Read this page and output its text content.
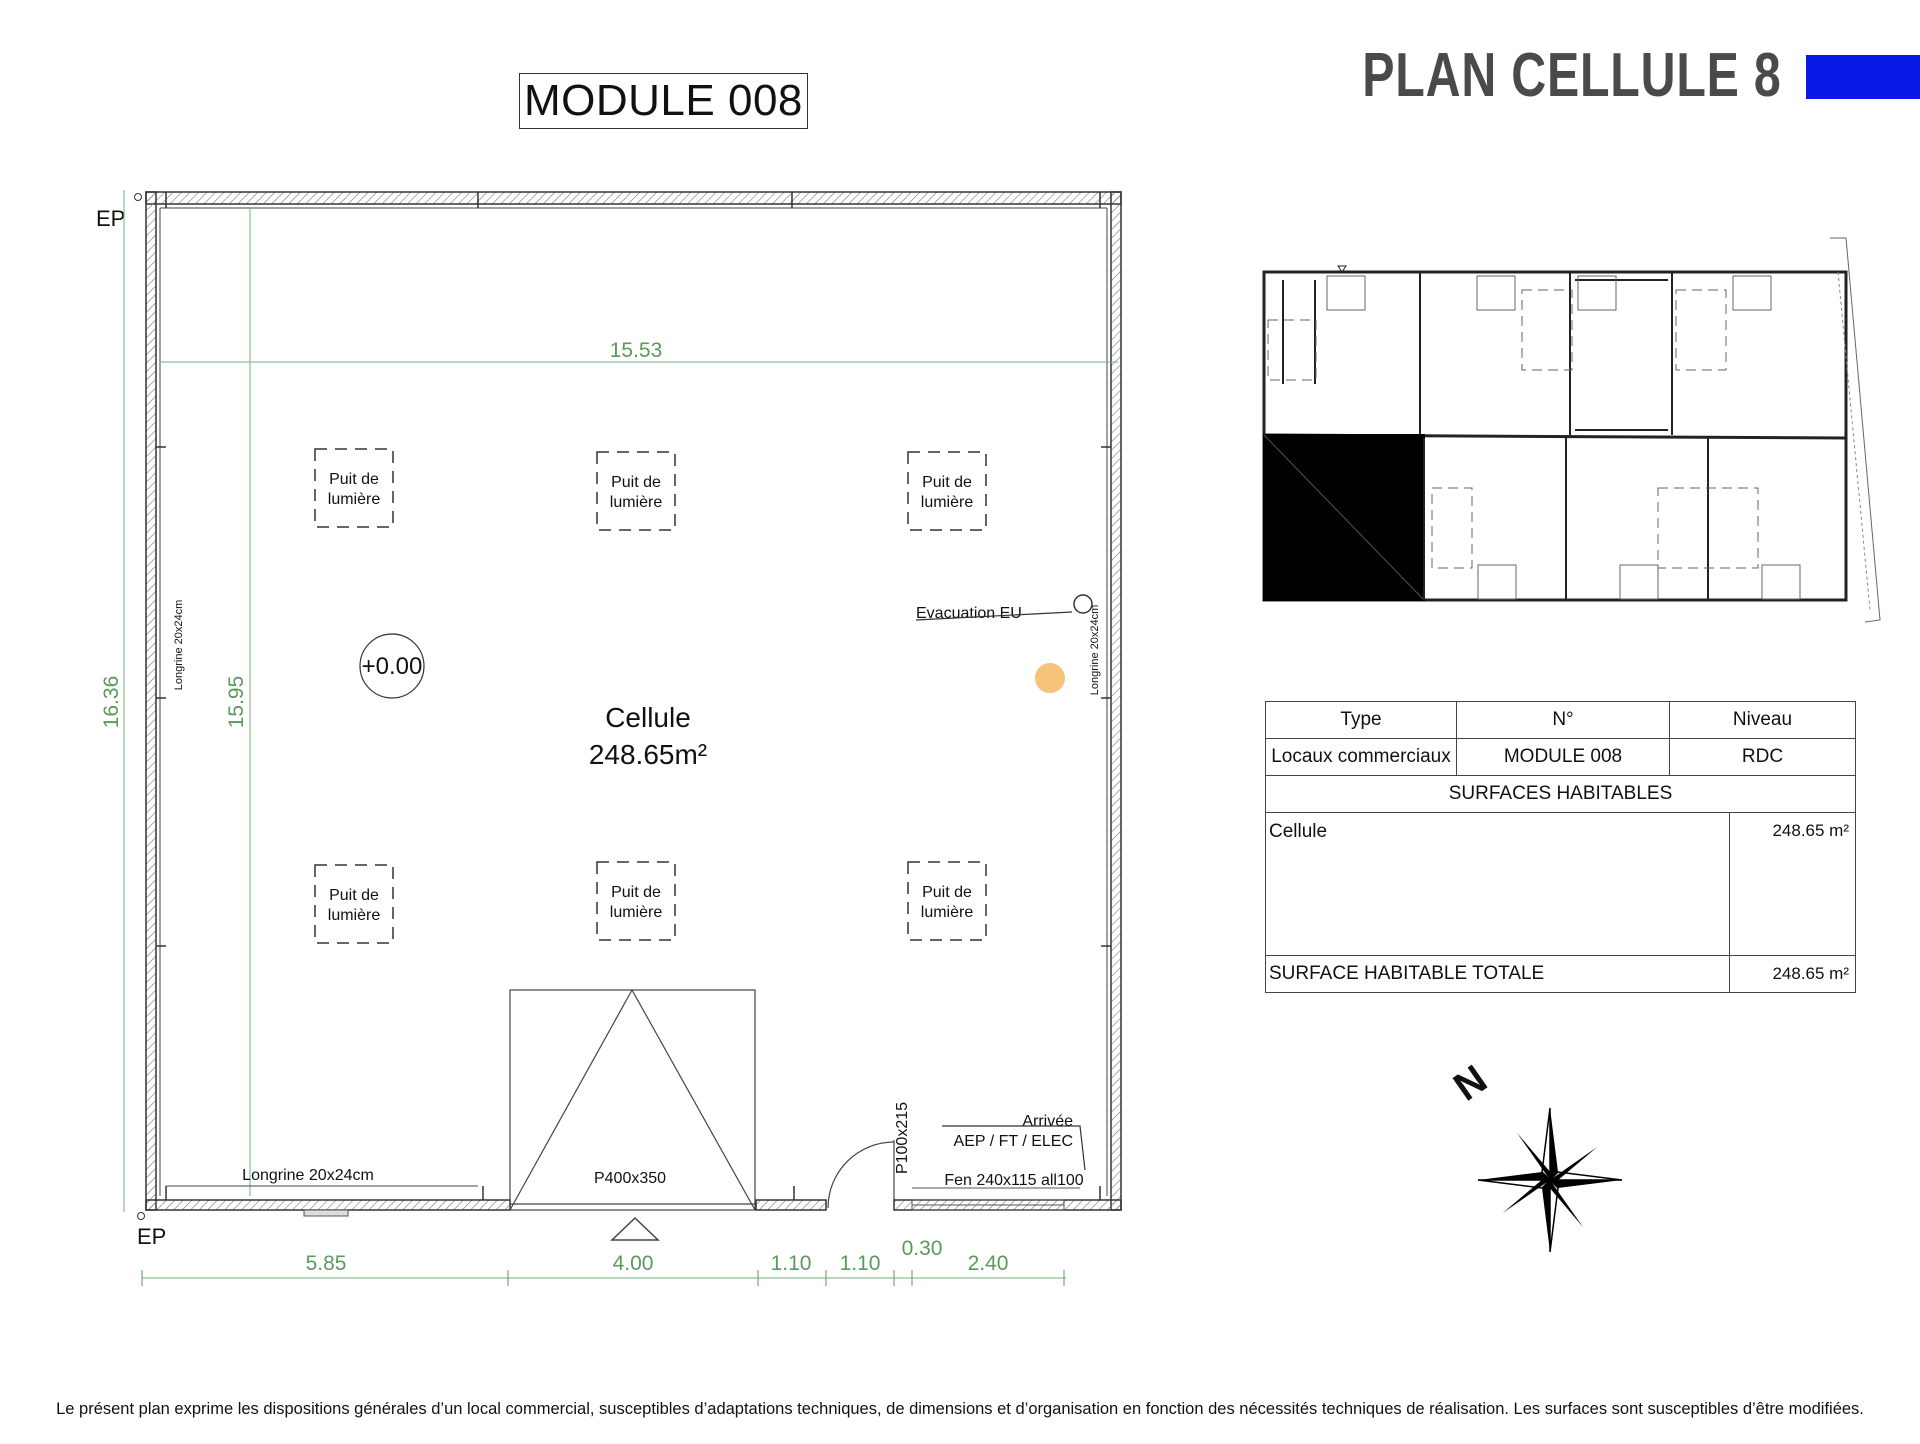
MODULE 008	PLAN CELLULE 8
EP
EP
15.53
16.36	15.95
5.85	4.00	1.10 1.10
0.30
2.40
Longrine 20x24cm	Longrine 20x24cm
Longrine 20x24cm
Puit de
lumière
Puit de
lumière
Puit de
lumière
Puit de
lumière
Puit de
lumière
Puit de
lumière
+0.00
Cellule
248.65m²
Evacuation EU
P400x350
P100x215
Fen 240x115 all100
Arrivée
AEP / FT / ELEC
N
Type	N°	Niveau	
Locaux commerciaux	MODULE 008	RDC	
SURFACES HABITABLES			
Cellule			248.65 m²
SURFACE HABITABLE TOTALE			248.65 m²
Le présent plan exprime les dispositions générales d’un local commercial, susceptibles d’adaptations techniques, de dimensions et d’organisation en fonction des nécessités techniques de réalisation. Les surfaces sont susceptibles d’être modifiées.
